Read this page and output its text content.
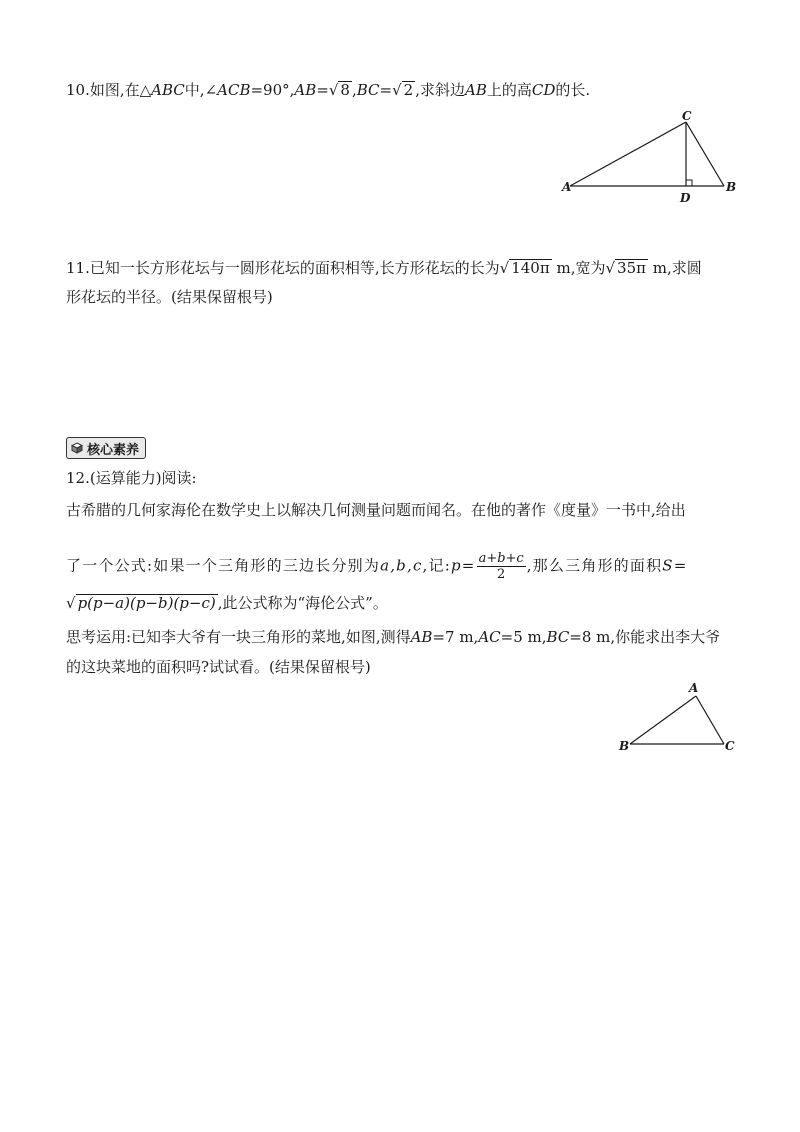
10.如图,在△ABC中,∠ACB=90°,AB=√ 8 ,BC=√ 2 ,求斜边AB上的高CD的长.
C
A
D
B
11.已知一长方形花坛与一圆形花坛的面积相等,长方形花坛的长为√ 140π m,宽为√ 35π m,求圆
形花坛的半径。(结果保留根号)
核心素养
12.(运算能力)阅读:
古希腊的几何家海伦在数学史上以解决几何测量问题而闻名。在他的著作《度量》一书中,给出
了一个公式:如果一个三角形的三边长分别为a,b,c,记:p= $\frac{a+b+c}{2}$ ,那么三角形的面积S=
√ p(p−a)(p−b)(p−c) ,此公式称为“海伦公式”。
思考运用:已知李大爷有一块三角形的菜地,如图,测得AB=7 m,AC=5 m,BC=8 m,你能求出李大爷
的这块菜地的面积吗?试试看。(结果保留根号)
A
B	C
